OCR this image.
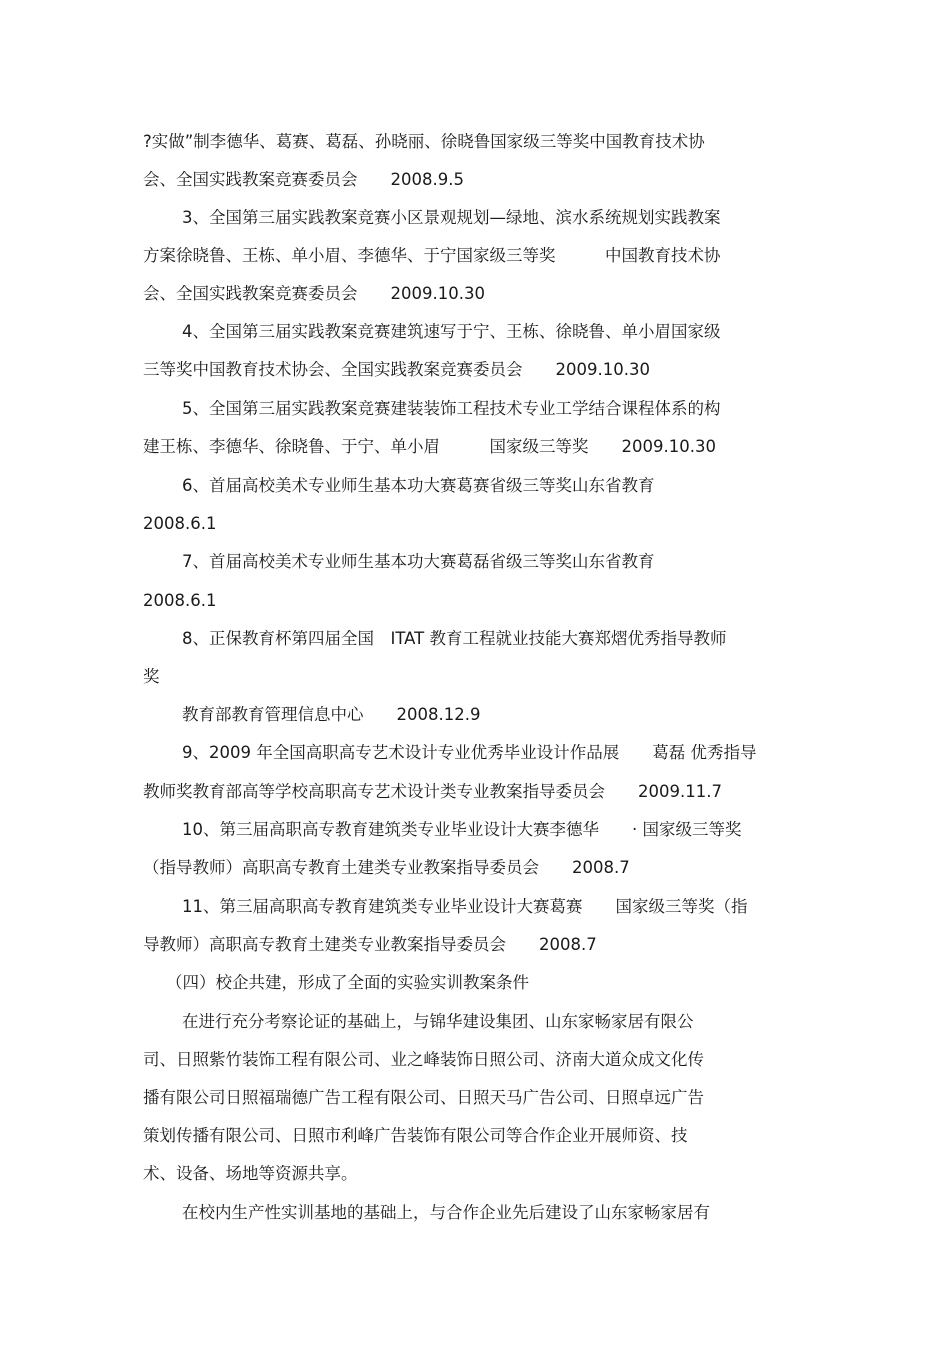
?实做”制李德华、葛赛、葛磊、孙晓丽、徐晓鲁国家级三等奖中国教育技术协
会、全国实践教案竞赛委员会　　2008.9.5
3、全国第三届实践教案竞赛小区景观规划—绿地、滨水系统规划实践教案
方案徐晓鲁、王栋、单小眉、李德华、于宁国家级三等奖　　　中国教育技术协
会、全国实践教案竞赛委员会　　2009.10.30
4、全国第三届实践教案竞赛建筑速写于宁、王栋、徐晓鲁、单小眉国家级
三等奖中国教育技术协会、全国实践教案竞赛委员会　　2009.10.30
5、全国第三届实践教案竞赛建装装饰工程技术专业工学结合课程体系的构
建王栋、李德华、徐晓鲁、于宁、单小眉　　　国家级三等奖　　2009.10.30
6、首届高校美术专业师生基本功大赛葛赛省级三等奖山东省教育
2008.6.1
7、首届高校美术专业师生基本功大赛葛磊省级三等奖山东省教育
2008.6.1
8、正保教育杯第四届全国　ITAT 教育工程就业技能大赛郑熠优秀指导教师
奖
教育部教育管理信息中心　　2008.12.9
9、2009 年全国高职高专艺术设计专业优秀毕业设计作品展　　葛磊 优秀指导
教师奖教育部高等学校高职高专艺术设计类专业教案指导委员会　　2009.11.7
10、第三届高职高专教育建筑类专业毕业设计大赛李德华　　· 国家级三等奖
（指导教师）高职高专教育土建类专业教案指导委员会　　2008.7
11、第三届高职高专教育建筑类专业毕业设计大赛葛赛　　国家级三等奖（指
导教师）高职高专教育土建类专业教案指导委员会　　2008.7
（四）校企共建，形成了全面的实验实训教案条件
在进行充分考察论证的基础上，与锦华建设集团、山东家畅家居有限公
司、日照紫竹装饰工程有限公司、业之峰装饰日照公司、济南大道众成文化传
播有限公司日照福瑞德广告工程有限公司、日照天马广告公司、日照卓远广告
策划传播有限公司、日照市利峰广告装饰有限公司等合作企业开展师资、技
术、设备、场地等资源共享。
在校内生产性实训基地的基础上，与合作企业先后建设了山东家畅家居有
